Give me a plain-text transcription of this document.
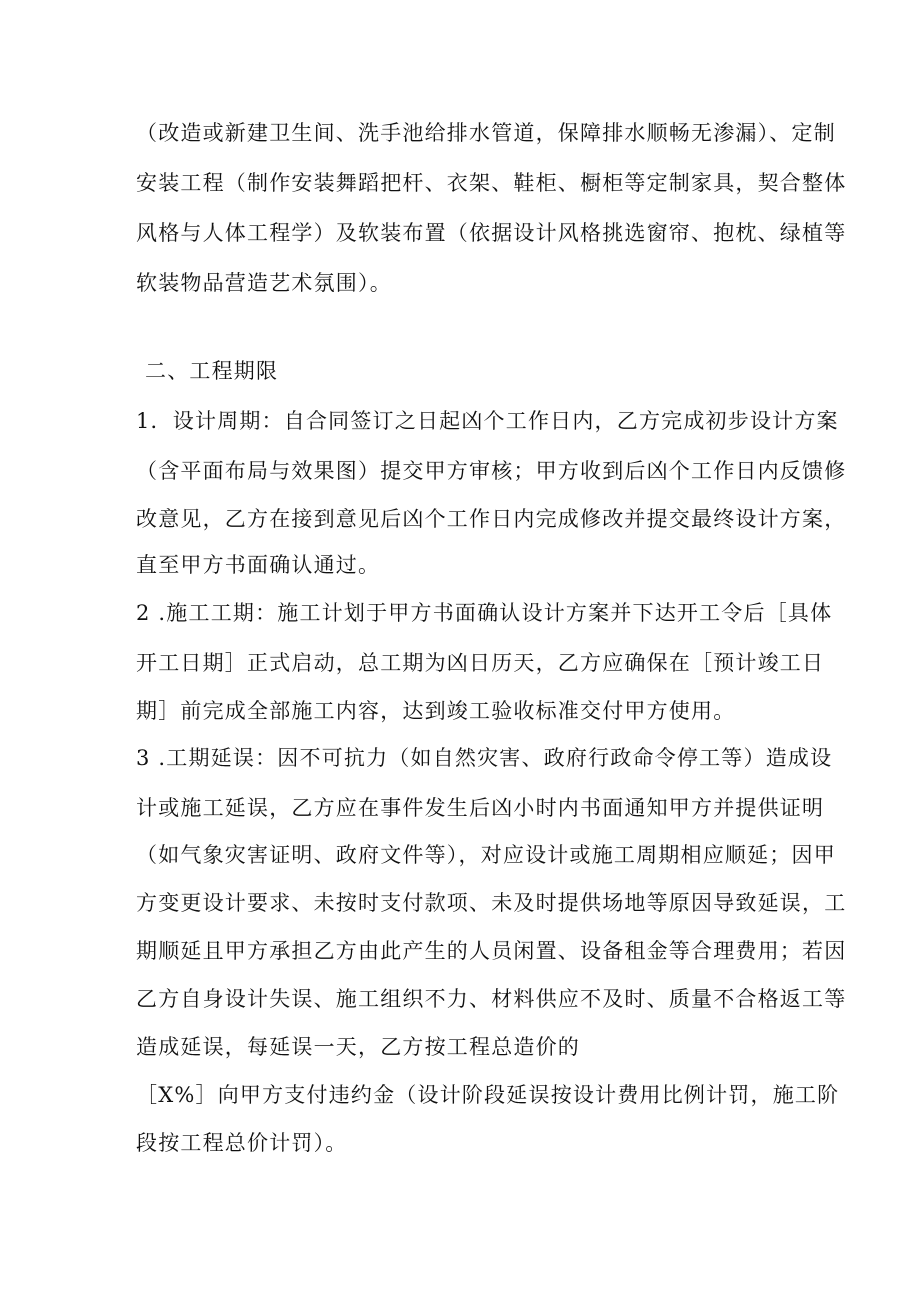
（改造或新建卫生间、洗手池给排水管道，保障排水顺畅无渗漏）、定制
安装工程（制作安装舞蹈把杆、衣架、鞋柜、橱柜等定制家具，契合整体
风格与人体工程学）及软装布置（依据设计风格挑选窗帘、抱枕、绿植等
软装物品营造艺术氛围）。
二、工程期限
1．设计周期：自合同签订之日起凶个工作日内，乙方完成初步设计方案
（含平面布局与效果图）提交甲方审核；甲方收到后凶个工作日内反馈修
改意见，乙方在接到意见后凶个工作日内完成修改并提交最终设计方案，
直至甲方书面确认通过。
2 .施工工期：施工计划于甲方书面确认设计方案并下达开工令后［具体
开工日期］正式启动，总工期为凶日历天，乙方应确保在［预计竣工日
期］前完成全部施工内容，达到竣工验收标准交付甲方使用。
3 .工期延误：因不可抗力（如自然灾害、政府行政命令停工等）造成设
计或施工延误，乙方应在事件发生后凶小时内书面通知甲方并提供证明
（如气象灾害证明、政府文件等），对应设计或施工周期相应顺延；因甲
方变更设计要求、未按时支付款项、未及时提供场地等原因导致延误，工
期顺延且甲方承担乙方由此产生的人员闲置、设备租金等合理费用；若因
乙方自身设计失误、施工组织不力、材料供应不及时、质量不合格返工等
造成延误，每延误一天，乙方按工程总造价的
［X%］向甲方支付违约金（设计阶段延误按设计费用比例计罚，施工阶
段按工程总价计罚）。
